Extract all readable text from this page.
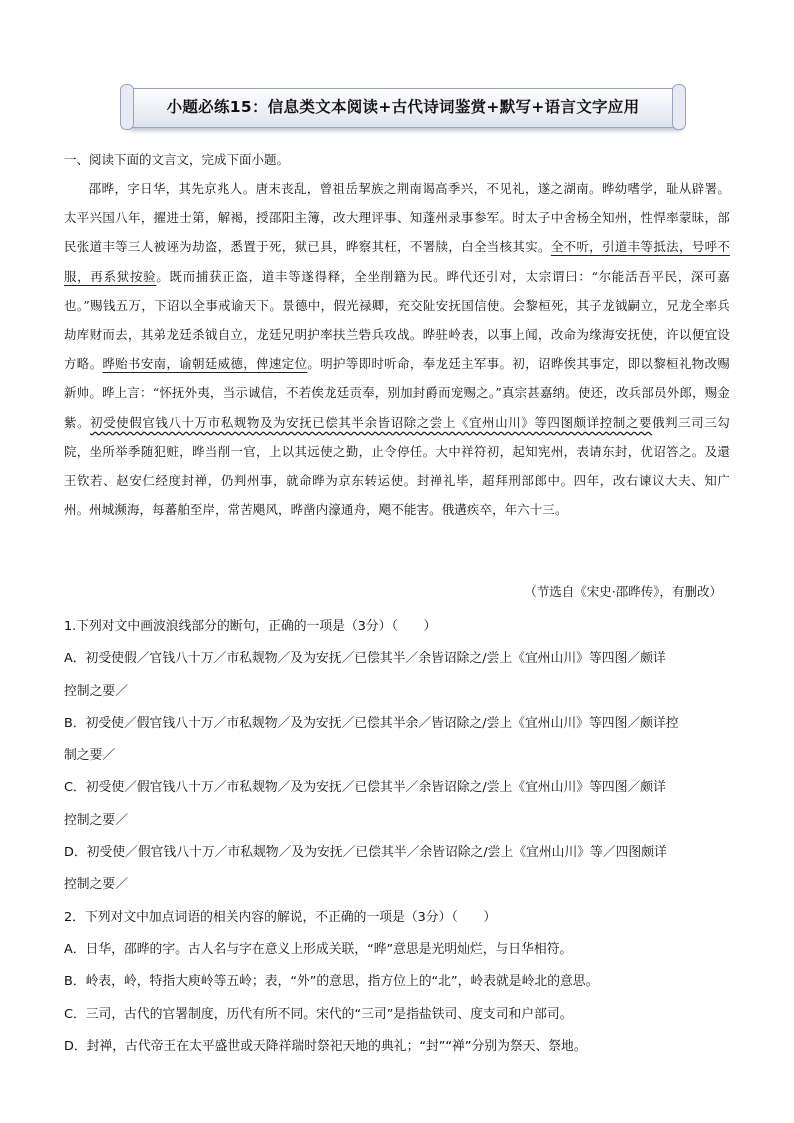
小题必练15：信息类文本阅读+古代诗词鉴赏+默写+语言文字应用
一、阅读下面的文言文，完成下面小题。

邵晔，字日华，其先京兆人。唐末丧乱，曾祖岳挈族之荆南谒高季兴，不见礼，遂之湖南。晔幼嗜学，耻从辟署。太平兴国八年，擢进士第，解褐，授邵阳主簿，改大理评事、知蓬州录事参军。时太子中舍杨全知州，性悍率蒙昧，部民张道丰等三人被诬为劫盗，悉置于死，狱已具，晔察其枉，不署牍，白全当核其实。全不听，引道丰等抵法，号呼不服，再系狱按验。既而捕获正盗，道丰等遂得释，全坐削籍为民。晔代还引对，太宗谓曰：“尔能活吾平民，深可嘉也。”赐钱五万，下诏以全事戒谕天下。景德中，假光禄卿，充交阯安抚国信使。会黎桓死，其子龙钺嗣立，兄龙全率兵劫库财而去，其弟龙廷杀钺自立，龙廷兄明护率扶兰砦兵攻战。晔驻岭表，以事上闻，改命为缘海安抚使，许以便宜设方略。晔贻书安南，谕朝廷威德，俾速定位。明护等即时听命，奉龙廷主军事。初，诏晔俟其事定，即以黎桓礼物改赐新帅。晔上言：“怀抚外夷，当示诚信，不若俟龙廷贡奉，别加封爵而宠赐之。”真宗甚嘉纳。使还，改兵部员外郎，赐金紫。初受使假官钱八十万市私觌物及为安抚已偿其半余皆诏除之尝上《宜州山川》等四图颇详控制之要俄判三司三勾院，坐所举季随犯赃，晔当削一官，上以其远使之勤，止令停任。大中祥符初，起知宪州，表请东封，优诏答之。及還王钦若、赵安仁经度封禅，仍判州事，就命晔为京东转运使。封禅礼毕，超拜刑部郎中。四年，改右谏议大夫、知广州。州城濒海，每蕃舶至岸，常苦飓风，晔凿内濠通舟，飓不能害。俄遘疾卒，年六十三。

（节选自《宋史·邵晔传》，有删改）

1.下列对文中画波浪线部分的断句，正确的一项是（3分）（　　）

A．初受使假／官钱八十万／市私觌物／及为安抚／已偿其半／余皆诏除之/尝上《宜州山川》等四图／颇详

控制之要／

B．初受使／假官钱八十万／市私觌物／及为安抚／已偿其半余／皆诏除之/尝上《宜州山川》等四图／颇详控

制之要／

C．初受使／假官钱八十万／市私觌物／及为安抚／已偿其半／余皆诏除之/尝上《宜州山川》等四图／颇详

控制之要／

D．初受使／假官钱八十万／市私觌物／及为安抚／已偿其半／余皆诏除之/尝上《宜州山川》等／四图颇详

控制之要／

2．下列对文中加点词语的相关内容的解说，不正确的一项是（3分）（　　）

A．日华，邵晔的字。古人名与字在意义上形成关联，“晔”意思是光明灿烂，与日华相符。

B．岭表，岭，特指大庾岭等五岭；表，“外”的意思，指方位上的“北”，岭表就是岭北的意思。

C．三司，古代的官署制度，历代有所不同。宋代的“三司”是指盐铁司、度支司和户部司。

D．封禅，古代帝王在太平盛世或天降祥瑞时祭祀天地的典礼；“封”“禅”分别为祭天、祭地。
